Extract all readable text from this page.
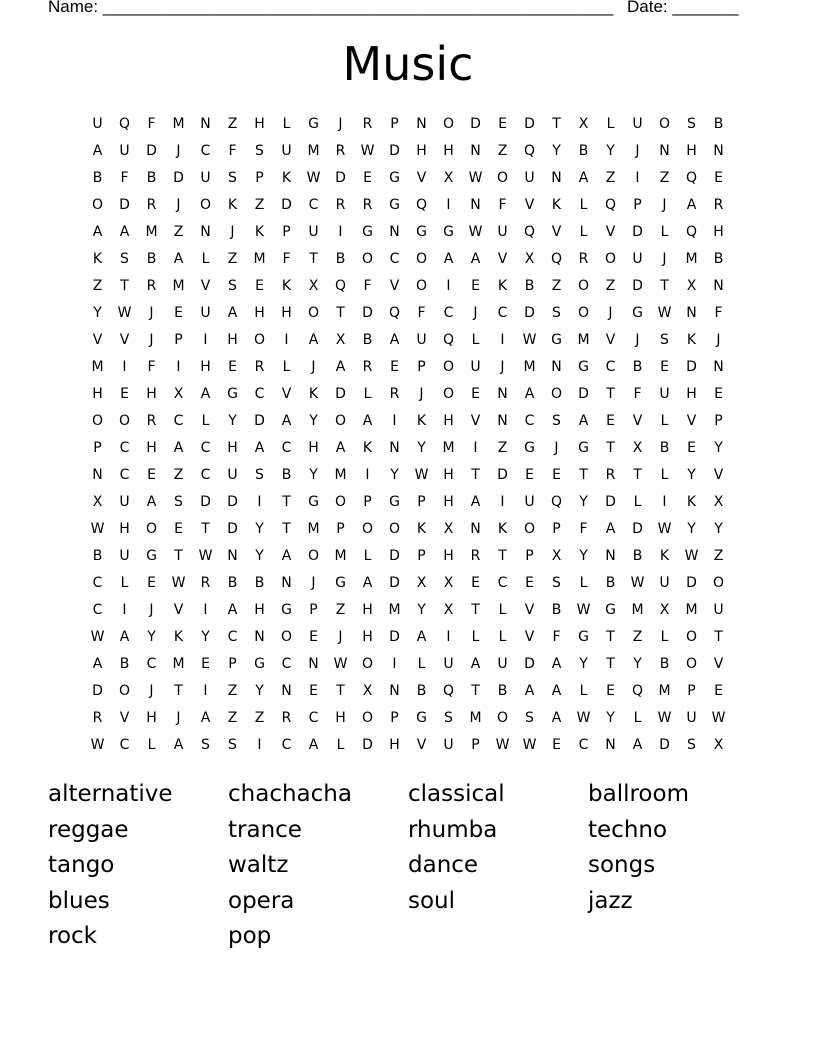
Name: ______________________________________________________ Date: _______
Music
U	Q	F	M	N	Z	H	L	G	J	R	P	N	O	D	E	D	T	X	L	U	O	S	B
A	U	D	J	C	F	S	U	M	R	W	D	H	H	N	Z	Q	Y	B	Y	J	N	H	N
B	F	B	D	U	S	P	K	W	D	E	G	V	X	W	O	U	N	A	Z	I	Z	Q	E
O	D	R	J	O	K	Z	D	C	R	R	G	Q	I	N	F	V	K	L	Q	P	J	A	R
A	A	M	Z	N	J	K	P	U	I	G	N	G	G	W	U	Q	V	L	V	D	L	Q	H
K	S	B	A	L	Z	M	F	T	B	O	C	O	A	A	V	X	Q	R	O	U	J	M	B
Z	T	R	M	V	S	E	K	X	Q	F	V	O	I	E	K	B	Z	O	Z	D	T	X	N
Y	W	J	E	U	A	H	H	O	T	D	Q	F	C	J	C	D	S	O	J	G	W	N	F
V	V	J	P	I	H	O	I	A	X	B	A	U	Q	L	I	W	G	M	V	J	S	K	J
M	I	F	I	H	E	R	L	J	A	R	E	P	O	U	J	M	N	G	C	B	E	D	N
H	E	H	X	A	G	C	V	K	D	L	R	J	O	E	N	A	O	D	T	F	U	H	E
O	O	R	C	L	Y	D	A	Y	O	A	I	K	H	V	N	C	S	A	E	V	L	V	P
P	C	H	A	C	H	A	C	H	A	K	N	Y	M	I	Z	G	J	G	T	X	B	E	Y
N	C	E	Z	C	U	S	B	Y	M	I	Y	W	H	T	D	E	E	T	R	T	L	Y	V
X	U	A	S	D	D	I	T	G	O	P	G	P	H	A	I	U	Q	Y	D	L	I	K	X
W	H	O	E	T	D	Y	T	M	P	O	O	K	X	N	K	O	P	F	A	D	W	Y	Y
B	U	G	T	W	N	Y	A	O	M	L	D	P	H	R	T	P	X	Y	N	B	K	W	Z
C	L	E	W	R	B	B	N	J	G	A	D	X	X	E	C	E	S	L	B	W	U	D	O
C	I	J	V	I	A	H	G	P	Z	H	M	Y	X	T	L	V	B	W	G	M	X	M	U
W	A	Y	K	Y	C	N	O	E	J	H	D	A	I	L	L	V	F	G	T	Z	L	O	T
A	B	C	M	E	P	G	C	N	W	O	I	L	U	A	U	D	A	Y	T	Y	B	O	V
D	O	J	T	I	Z	Y	N	E	T	X	N	B	Q	T	B	A	A	L	E	Q	M	P	E
R	V	H	J	A	Z	Z	R	C	H	O	P	G	S	M	O	S	A	W	Y	L	W	U	W
W	C	L	A	S	S	I	C	A	L	D	H	V	U	P	W W	E	C	N	A	D	S	X
alternative	chachacha	classical	ballroom
reggae	trance	rhumba	techno
tango	waltz	dance	songs
blues	opera	soul	jazz
rock	pop
